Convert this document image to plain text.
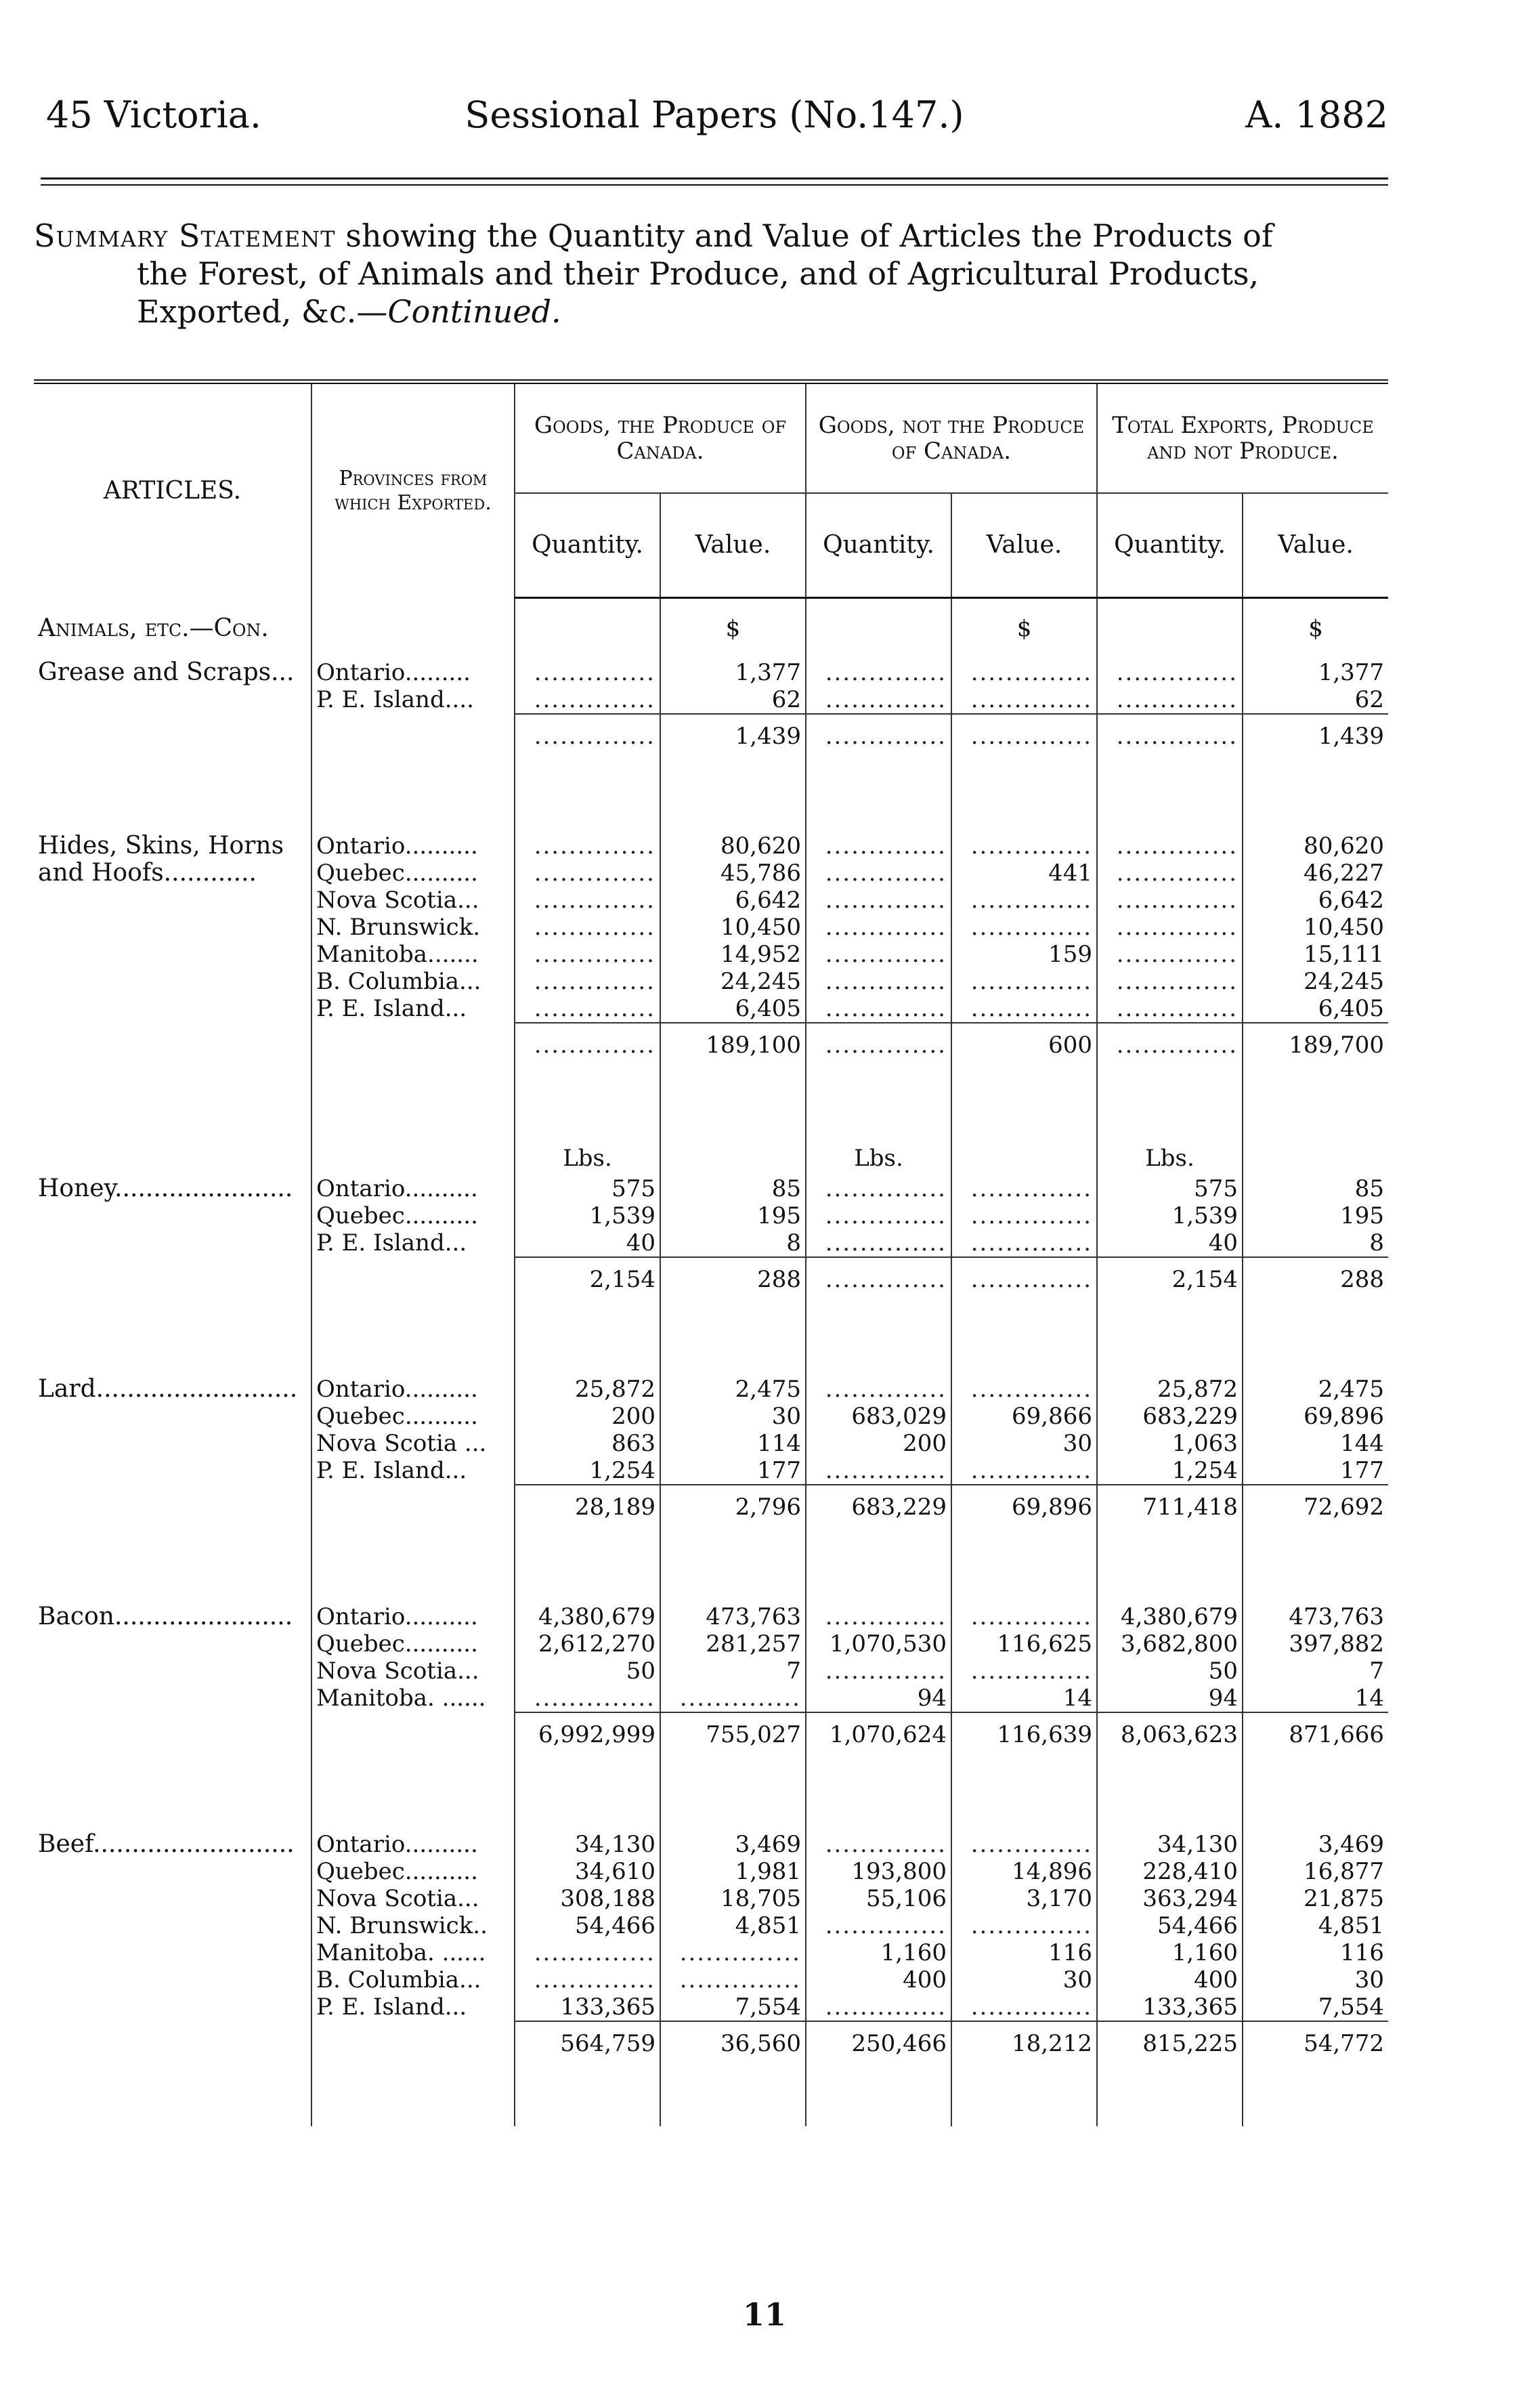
45 Victoria.	Sessional Papers (No.147.)	A. 1882
Summary Statement showing the Quantity and Value of Articles the Products of
the Forest, of Animals and their Produce, and of Agricultural Products,
Exported, &c.—Continued.
ARTICLES.	Provinces from which Exported.	Goods, the Produce of Canada.		Goods, not the Produce of Canada.		Total Exports, Produce and not Produce.	
		Quantity.	Value.	Quantity.	Value.	Quantity.	Value.
Animals, etc.—Con.			$		$		$
Grease and Scraps...	Ontario.........	..............	1,377	..............	..............	..............	1,377
	P. E. Island....	..............	62	..............	..............	..............	62
		..............	1,439	..............	..............	..............	1,439

Hides, Skins, Horns	Ontario..........	..............	80,620	..............	..............	..............	80,620
and Hoofs............	Quebec..........	..............	45,786	..............	441	..............	46,227
	Nova Scotia...	..............	6,642	..............	..............	..............	6,642
	N. Brunswick.	..............	10,450	..............	..............	..............	10,450
	Manitoba.......	..............	14,952	..............	159	..............	15,111
	B. Columbia...	..............	24,245	..............	..............	..............	24,245
	P. E. Island...	..............	6,405	..............	..............	..............	6,405
		..............	189,100	..............	600	..............	189,700

		Lbs.		Lbs.		Lbs.	
Honey.......................	Ontario..........	575	85	..............	..............	575	85
	Quebec..........	1,539	195	..............	..............	1,539	195
	P. E. Island...	40	8	..............	..............	40	8
		2,154	288	..............	..............	2,154	288

Lard..........................	Ontario..........	25,872	2,475	..............	..............	25,872	2,475
	Quebec..........	200	30	683,029	69,866	683,229	69,896
	Nova Scotia ...	863	114	200	30	1,063	144
	P. E. Island...	1,254	177	..............	..............	1,254	177
		28,189	2,796	683,229	69,896	711,418	72,692

Bacon.......................	Ontario..........	4,380,679	473,763	..............	..............	4,380,679	473,763
	Quebec..........	2,612,270	281,257	1,070,530	116,625	3,682,800	397,882
	Nova Scotia...	50	7	..............	..............	50	7
	Manitoba. ......	..............	..............	94	14	94	14
		6,992,999	755,027	1,070,624	116,639	8,063,623	871,666

Beef..........................	Ontario..........	34,130	3,469	..............	..............	34,130	3,469
	Quebec..........	34,610	1,981	193,800	14,896	228,410	16,877
	Nova Scotia...	308,188	18,705	55,106	3,170	363,294	21,875
	N. Brunswick..	54,466	4,851	..............	..............	54,466	4,851
	Manitoba. ......	..............	..............	1,160	116	1,160	116
	B. Columbia...	..............	..............	400	30	400	30
	P. E. Island...	133,365	7,554	..............	..............	133,365	7,554
		564,759	36,560	250,466	18,212	815,225	54,772

11
